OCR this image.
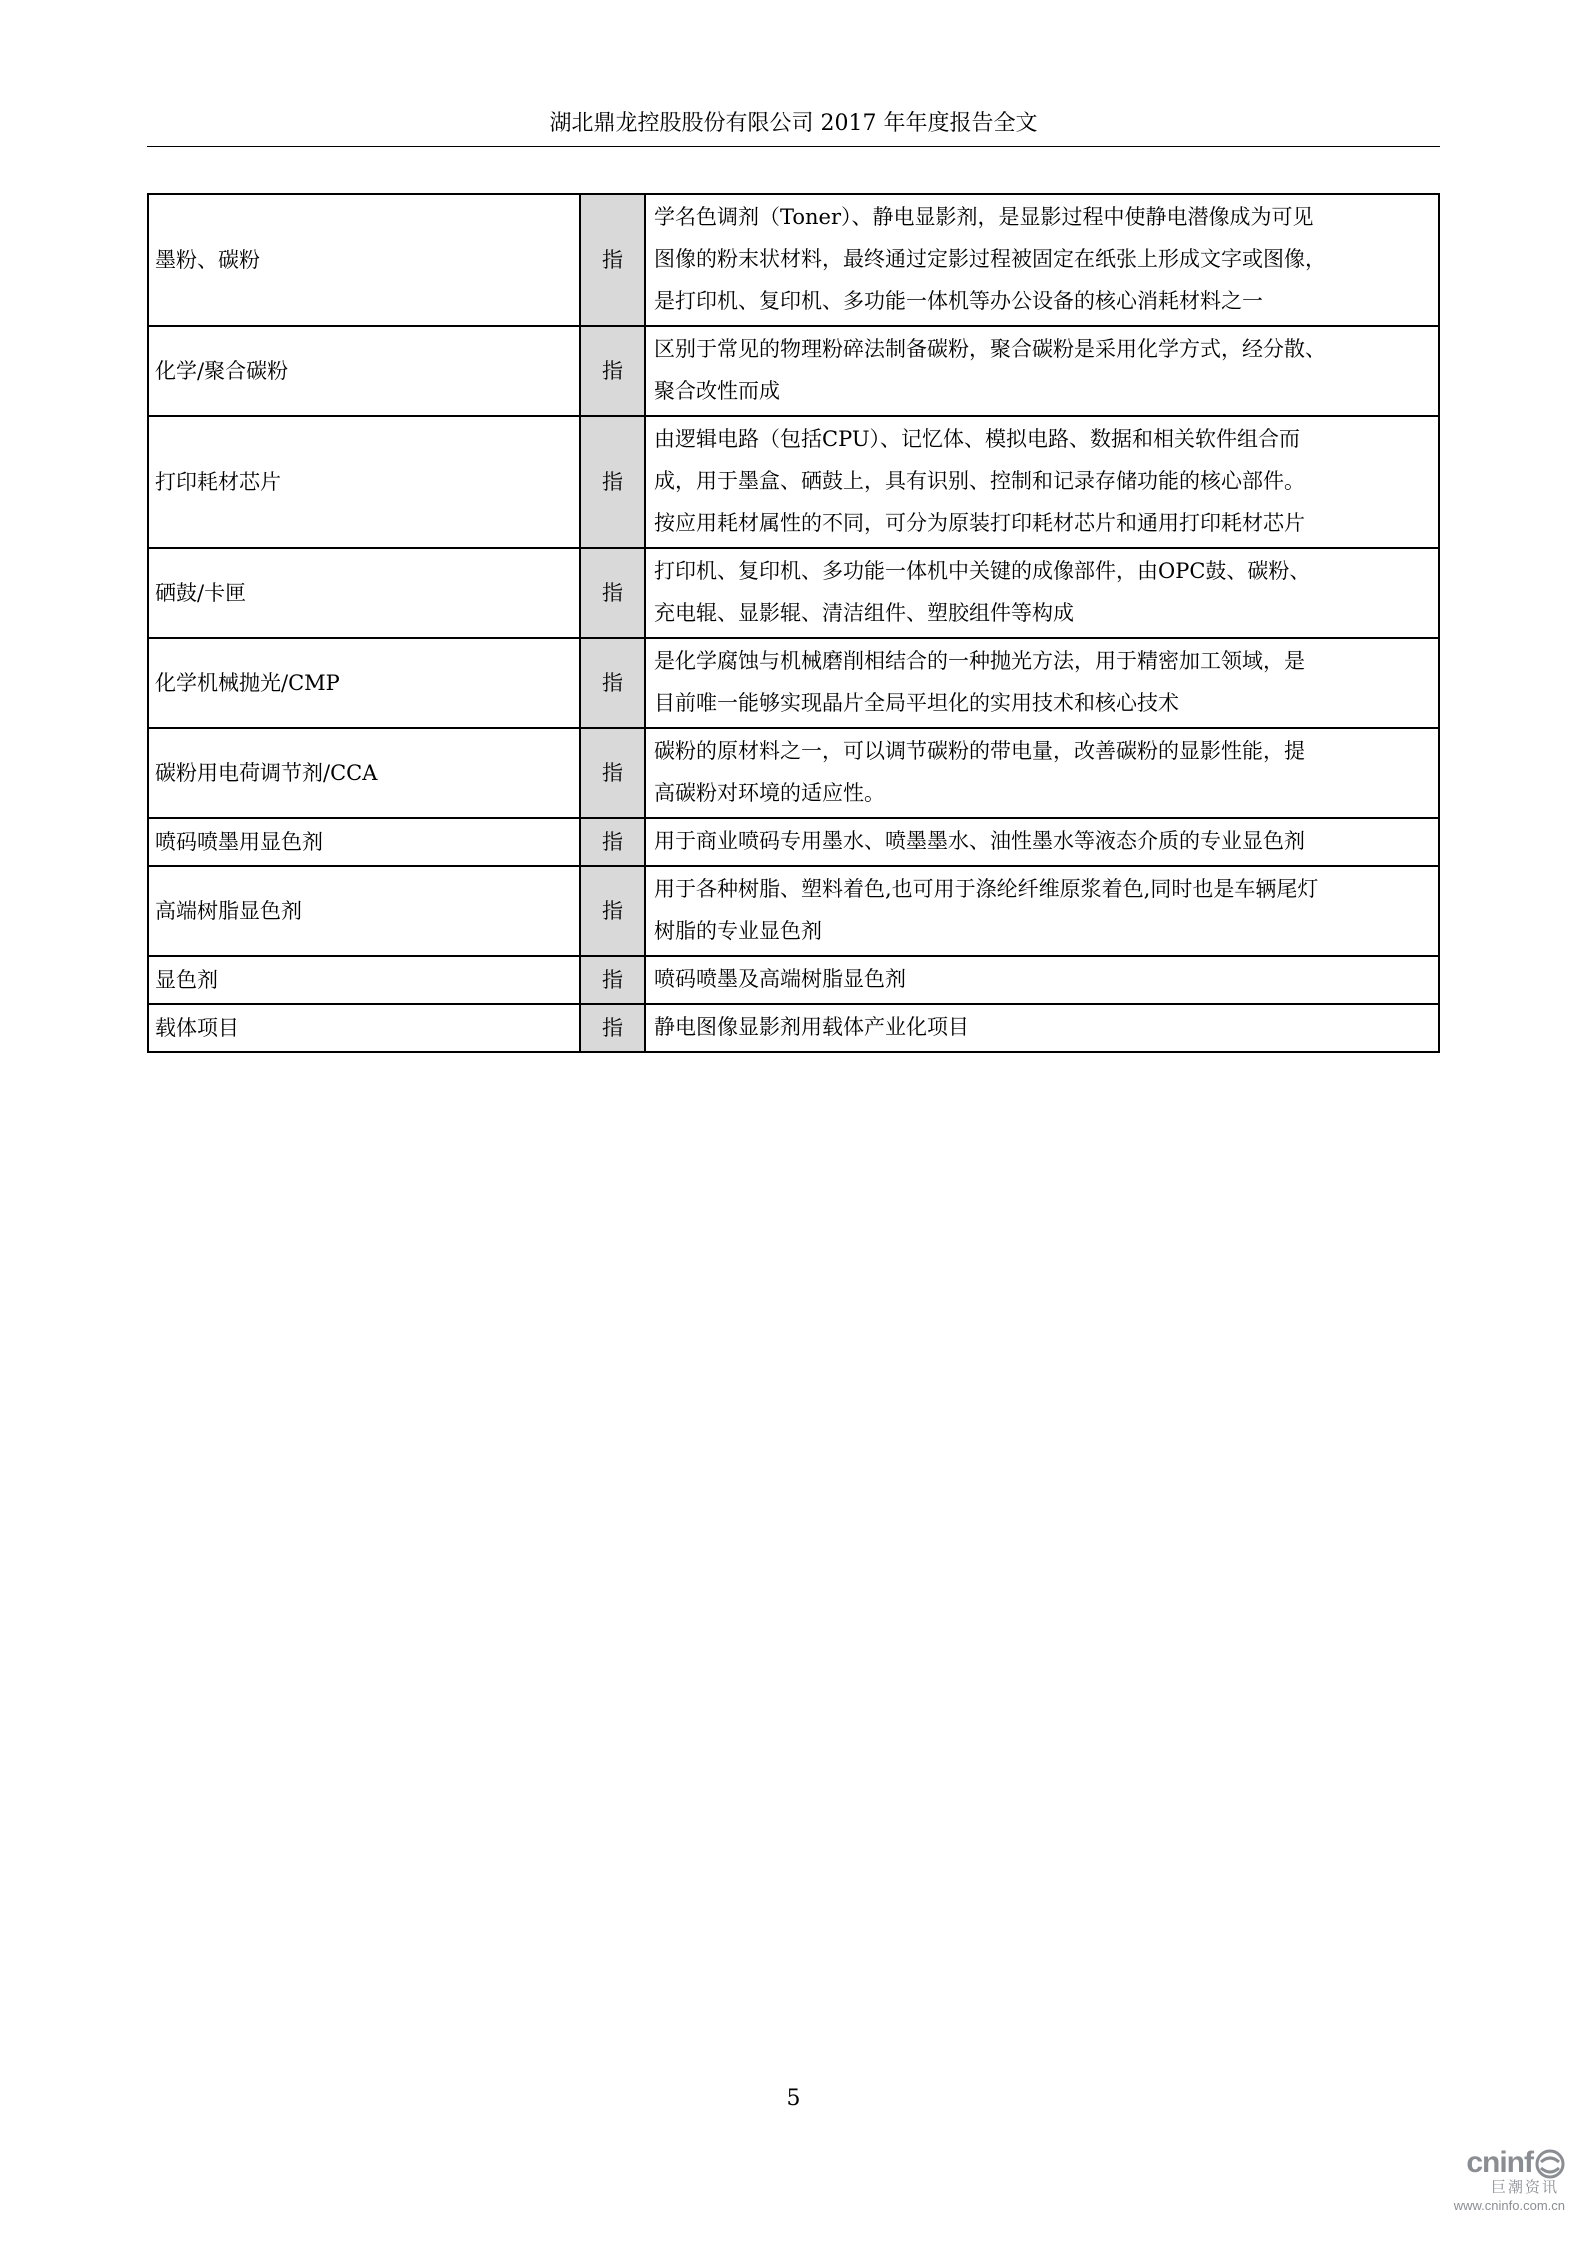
湖北鼎龙控股股份有限公司 2017 年年度报告全文
墨粉、碳粉	指	学名色调剂（Toner）、静电显影剂，是显影过程中使静电潜像成为可见
图像的粉末状材料，最终通过定影过程被固定在纸张上形成文字或图像，
是打印机、复印机、多功能一体机等办公设备的核心消耗材料之一

化学/聚合碳粉	指	区别于常见的物理粉碎法制备碳粉，聚合碳粉是采用化学方式，经分散、
聚合改性而成

打印耗材芯片	指	由逻辑电路（包括CPU）、记忆体、模拟电路、数据和相关软件组合而
成，用于墨盒、硒鼓上，具有识别、控制和记录存储功能的核心部件。
按应用耗材属性的不同，可分为原装打印耗材芯片和通用打印耗材芯片

硒鼓/卡匣	指	打印机、复印机、多功能一体机中关键的成像部件，由OPC鼓、碳粉、
充电辊、显影辊、清洁组件、塑胶组件等构成

化学机械抛光/CMP	指	是化学腐蚀与机械磨削相结合的一种抛光方法，用于精密加工领域，是
目前唯一能够实现晶片全局平坦化的实用技术和核心技术

碳粉用电荷调节剂/CCA	指	碳粉的原材料之一，可以调节碳粉的带电量，改善碳粉的显影性能，提
高碳粉对环境的适应性。

喷码喷墨用显色剂	指	用于商业喷码专用墨水、喷墨墨水、油性墨水等液态介质的专业显色剂

高端树脂显色剂	指	用于各种树脂、塑料着色,也可用于涤纶纤维原浆着色,同时也是车辆尾灯
树脂的专业显色剂

显色剂	指	喷码喷墨及高端树脂显色剂

载体项目	指	静电图像显影剂用载体产业化项目
5
cninf
巨潮资讯
www.cninfo.com.cn
